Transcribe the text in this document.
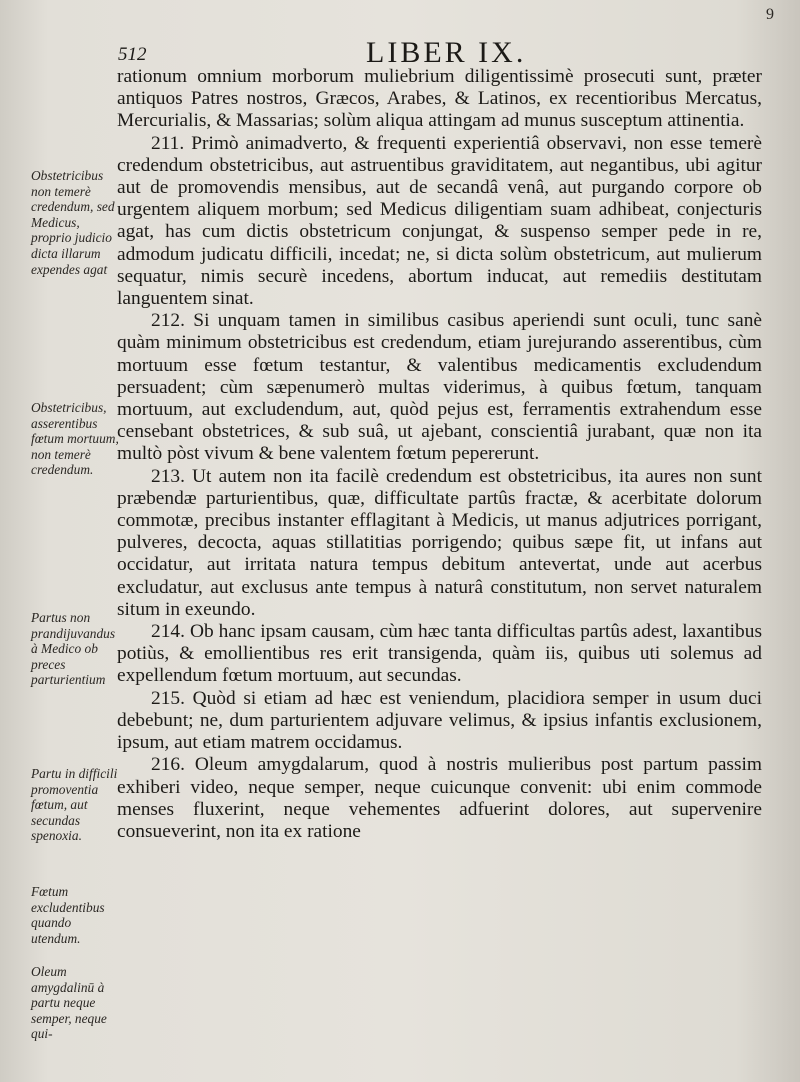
9
512	LIBER IX.

rationum omnium morborum muliebrium diligentissimè prosecuti sunt, præter antiquos Patres nostros, Græcos, Arabes, & Latinos, ex recentioribus Mercatus, Mercurialis, & Massarias; solùm aliqua attingam ad munus susceptum attinentia.

211. Primò animadverto, & frequenti experientiâ observavi, non esse temerè credendum obstetricibus, aut astruentibus graviditatem, aut negantibus, ubi agitur aut de promovendis mensibus, aut de secandâ venâ, aut purgando corpore ob urgentem aliquem morbum; sed Medicus diligentiam suam adhibeat, conjecturis agat, has cum dictis obstetricum conjungat, & suspenso semper pede in re, admodum judicatu difficili, incedat; ne, si dicta solùm obstetricum, aut mulierum sequatur, nimis securè incedens, abortum inducat, aut remediis destitutam languentem sinat.

212. Si unquam tamen in similibus casibus aperiendi sunt oculi, tunc sanè quàm minimum obstetricibus est credendum, etiam jurejurando asserentibus, cùm mortuum esse fœtum testantur, & valentibus medicamentis excludendum persuadent; cùm sæpenumerò multas viderimus, à quibus fœtum, tanquam mortuum, aut excludendum, aut, quòd pejus est, ferramentis extrahendum esse censebant obstetrices, & sub suâ, ut ajebant, conscientiâ jurabant, quæ non ita multò pòst vivum & bene valentem fœtum pepererunt.

213. Ut autem non ita facilè credendum est obstetricibus, ita aures non sunt præbendæ parturientibus, quæ, difficultate partûs fractæ, & acerbitate dolorum commotæ, precibus instanter efflagitant à Medicis, ut manus adjutrices porrigant, pulveres, decocta, aquas stillatitias porrigendo; quibus sæpe fit, ut infans aut occidatur, aut irritata natura tempus debitum antevertat, unde aut acerbus excludatur, aut exclusus ante tempus à naturâ constitutum, non servet naturalem situm in exeundo.

214. Ob hanc ipsam causam, cùm hæc tanta difficultas partûs adest, laxantibus potiùs, & emollientibus res erit transigenda, quàm iis, quibus uti solemus ad expellendum fœtum mortuum, aut secundas.

215. Quòd si etiam ad hæc est veniendum, placidiora semper in usum duci debebunt; ne, dum parturientem adjuvare velimus, & ipsius infantis exclusionem, ipsum, aut etiam matrem occidamus.

216. Oleum amygdalarum, quod à nostris mulieribus post partum passim exhiberi video, neque semper, neque cuicunque convenit: ubi enim commode menses fluxerint, neque vehementes adfuerint dolores, aut supervenire consueverint, non ita ex ratione

Obstetricibus non temerè credendum, sed Medicus, proprio judicio dicta illarum expendes agat
Obstetricibus, asserentibus fœtum mortuum, non temerè credendum.
Partus non prandijuvandus à Medico ob preces parturientium
Partu in difficili promoventia fœtum, aut secundas spenoxia.
Fœtum excludentibus quando utendum.
Oleum amygdalinū à partu neque semper, neque qui-
